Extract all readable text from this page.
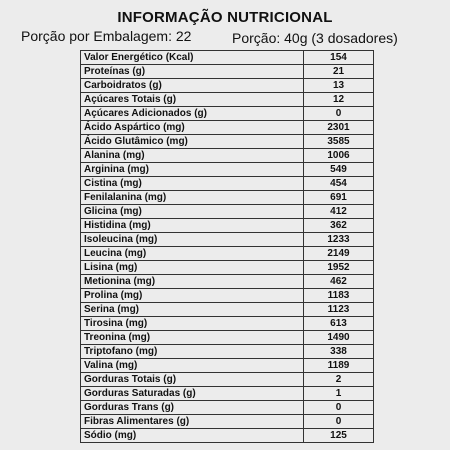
INFORMAÇÃO NUTRICIONAL
Porção por Embalagem: 22	Porção: 40g (3 dosadores)
Valor Energético (Kcal)	154
Proteínas (g)	21
Carboidratos (g)	13
Açúcares Totais (g)	12
Açúcares Adicionados (g)	0
Ácido Aspártico (mg)	2301
Ácido Glutâmico (mg)	3585
Alanina (mg)	1006
Arginina (mg)	549
Cistina (mg)	454
Fenilalanina (mg)	691
Glicina (mg)	412
Histidina (mg)	362
Isoleucina (mg)	1233
Leucina (mg)	2149
Lisina (mg)	1952
Metionina (mg)	462
Prolina (mg)	1183
Serina (mg)	1123
Tirosina (mg)	613
Treonina (mg)	1490
Triptofano (mg)	338
Valina (mg)	1189
Gorduras Totais (g)	2
Gorduras Saturadas (g)	1
Gorduras Trans (g)	0
Fibras Alimentares (g)	0
Sódio (mg)	125
